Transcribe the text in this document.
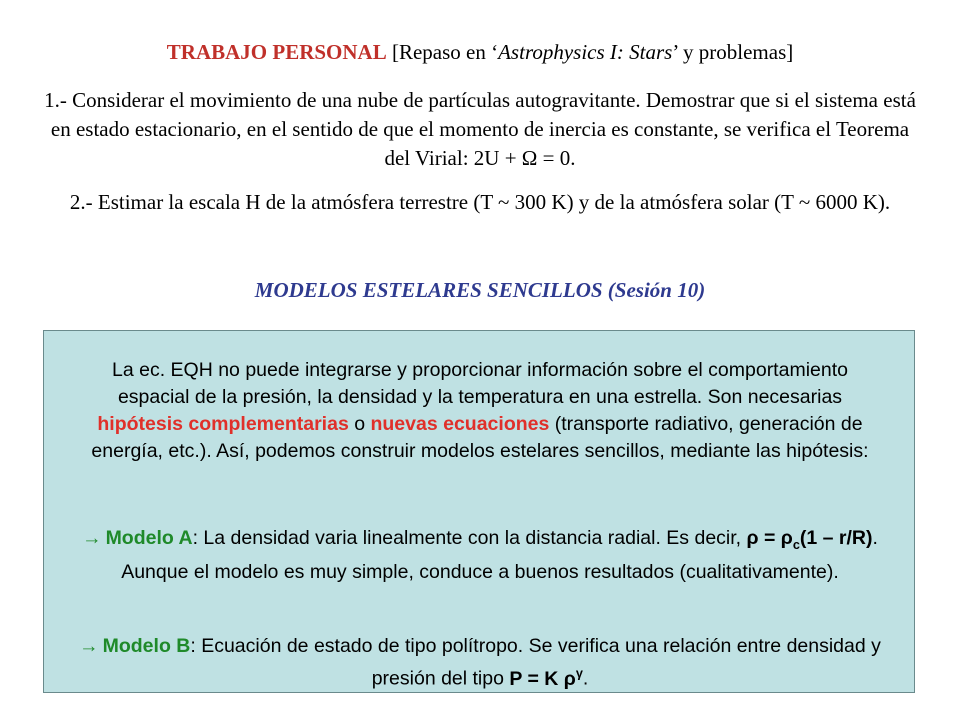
TRABAJO PERSONAL [Repaso en ‘Astrophysics I: Stars’ y problemas]
1.- Considerar el movimiento de una nube de partículas autogravitante. Demostrar que si el sistema está en estado estacionario, en el sentido de que el momento de inercia es constante, se verifica el Teorema del Virial: 2U + Ω = 0.
2.- Estimar la escala H de la atmósfera terrestre (T ~ 300 K) y de la atmósfera solar (T ~ 6000 K).
MODELOS ESTELARES SENCILLOS (Sesión 10)

La ec. EQH no puede integrarse y proporcionar información sobre el comportamiento espacial de la presión, la densidad y la temperatura en una estrella. Son necesarias hipótesis complementarias o nuevas ecuaciones (transporte radiativo, generación de energía, etc.). Así, podemos construir modelos estelares sencillos, mediante las hipótesis:

→ Modelo A: La densidad varia linealmente con la distancia radial. Es decir, $\rho = \rho_c(1 - r/R)$. Aunque el modelo es muy simple, conduce a buenos resultados (cualitativamente).

→ Modelo B: Ecuación de estado de tipo polítropo. Se verifica una relación entre densidad y presión del tipo P = K $\rho^\gamma$.
